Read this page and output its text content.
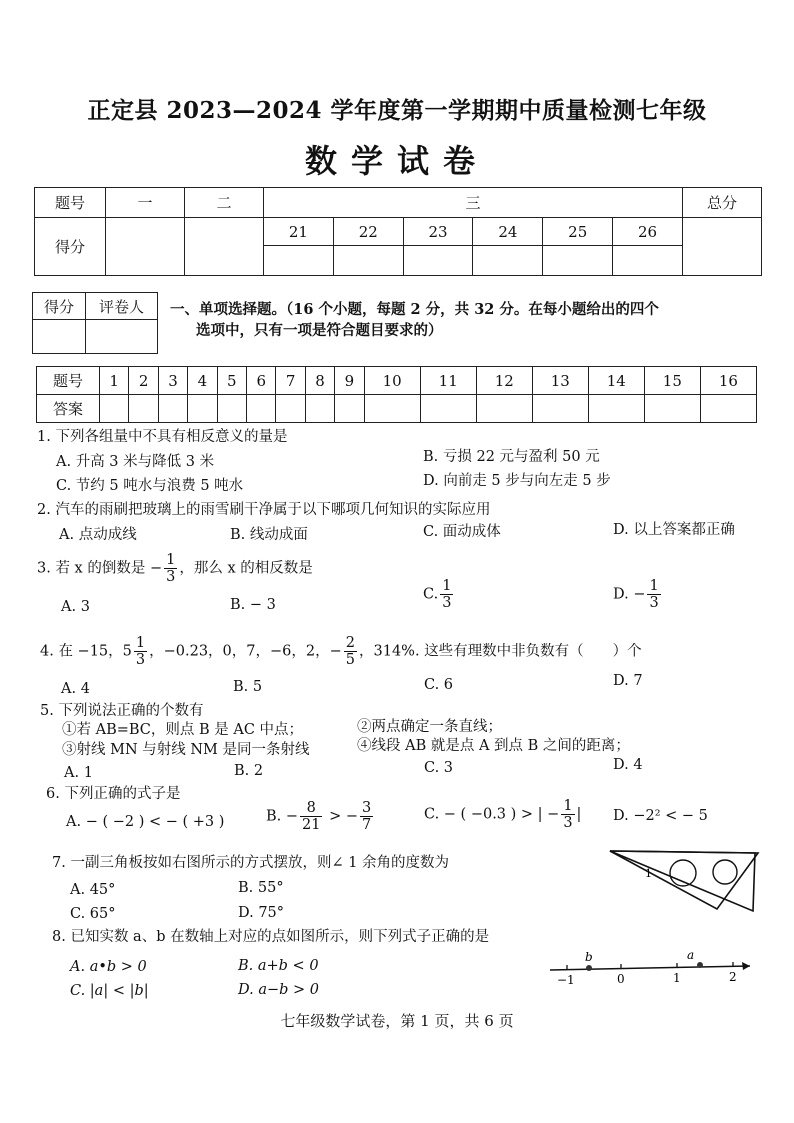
正定县 2023—2024 学年度第一学期期中质量检测七年级
数学试卷
题号	一	二	三						总分
得分			21	22	23	24	25	26	

得分	评卷人
	一、单项选择题。（16 个小题，每题 2 分，共 32 分。在每小题给出的四个
选项中，只有一项是符合题目要求的）
题号	1	2	3	4	5	6	7	8	9	10	11	12	13	14	15	16
答案																
1. 下列各组量中不具有相反意义的量是
A. 升高 3 米与降低 3 米	B. 亏损 22 元与盈利 50 元
C. 节约 5 吨水与浪费 5 吨水	D. 向前走 5 步与向左走 5 步
2. 汽车的雨刷把玻璃上的雨雪刷干净属于以下哪项几何知识的实际应用
A. 点动成线	B. 线动成面	C. 面动成体	D. 以上答案都正确
3. 若 x 的倒数是 − $\frac{1}{3}$ ，那么 x 的相反数是
A. 3	B. − 3
C. $\frac{1}{3}$	D. − $\frac{1}{3}$
4. 在 −15，$5 \frac{1}{3}$ ，−0.23，0，7，−6，2，− $\frac{2}{5}$ ，314%. 这些有理数中非负数有（　　）个
A. 4	B. 5	C. 6	D. 7
5. 下列说法正确的个数有
①若 AB=BC，则点 B 是 AC 中点；	②两点确定一条直线；
③射线 MN 与射线 NM 是同一条射线	④线段 AB 就是点 A 到点 B 之间的距离；
A. 1	B. 2	C. 3	D. 4
6. 下列正确的式子是
A. − ( −2 ) < − ( +3 )	B. − $\frac{8}{21}$ > − $\frac{3}{7}$	C. − ( −0.3 ) > | − $\frac{1}{3}$ | D. −2² < − 5
7. 一副三角板按如右图所示的方式摆放，则∠ 1 余角的度数为
A. 45°	B. 55°
C. 65°	D. 75°
1
8. 已知实数 a、b 在数轴上对应的点如图所示，则下列式子正确的是
A. a•b > 0	B. a+b < 0
C. |a| < |b|	D. a−b > 0
b	a
−1	0	1	2
七年级数学试卷，第 1 页，共 6 页
